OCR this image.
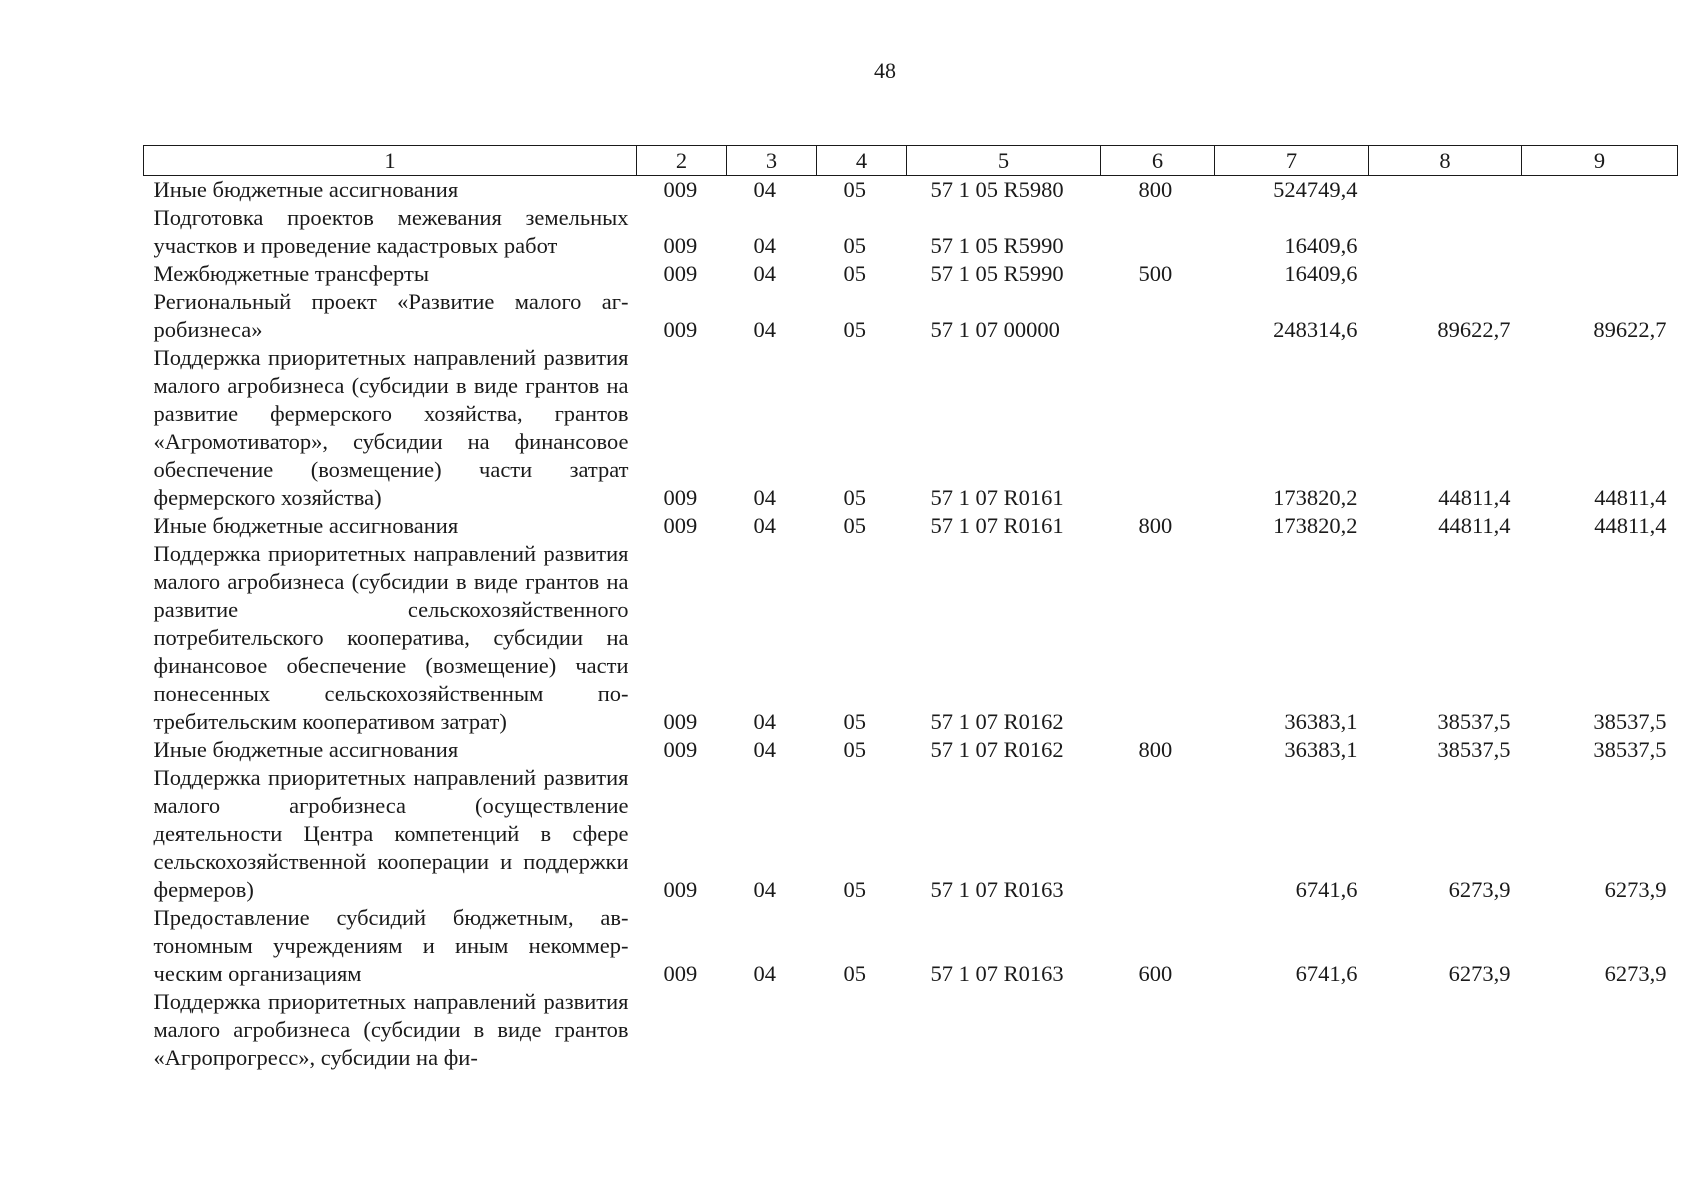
48
1	2	3	4	5	6	7	8	9
Иные бюджетные ассигнования	009	04	05	57 1 05 R5980	800	524749,4		
Подготовка проектов межевания земельных участков и проведение кадастровых работ	009	04	05	57 1 05 R5990		16409,6		
Межбюджетные трансферты	009	04	05	57 1 05 R5990	500	16409,6		
Региональный проект «Развитие малого агробизнеса»	009	04	05	57 1 07 00000		248314,6	89622,7	89622,7
Поддержка приоритетных направлений развития малого агробизнеса (субсидии в виде грантов на развитие фермерского хозяйства, грантов «Агромотиватор», субсидии на финансовое обеспечение (возмещение) части затрат фермерского хозяйства)	009	04	05	57 1 07 R0161		173820,2	44811,4	44811,4
Иные бюджетные ассигнования	009	04	05	57 1 07 R0161	800	173820,2	44811,4	44811,4
Поддержка приоритетных направлений развития малого агробизнеса (субсидии в виде грантов на развитие сельскохозяйственного потребительского кооператива, субсидии на финансовое обеспечение (возмещение) части понесенных сельскохозяйственным потребительским кооперативом затрат)	009	04	05	57 1 07 R0162		36383,1	38537,5	38537,5
Иные бюджетные ассигнования	009	04	05	57 1 07 R0162	800	36383,1	38537,5	38537,5
Поддержка приоритетных направлений развития малого агробизнеса (осуществление деятельности Центра компетенций в сфере сельскохозяйственной кооперации и поддержки фермеров)	009	04	05	57 1 07 R0163		6741,6	6273,9	6273,9
Предоставление субсидий бюджетным, автономным учреждениям и иным некоммерческим организациям	009	04	05	57 1 07 R0163	600	6741,6	6273,9	6273,9
Поддержка приоритетных направлений развития малого агробизнеса (субсидии в виде грантов «Агропрогресс», субсидии на фи-								
